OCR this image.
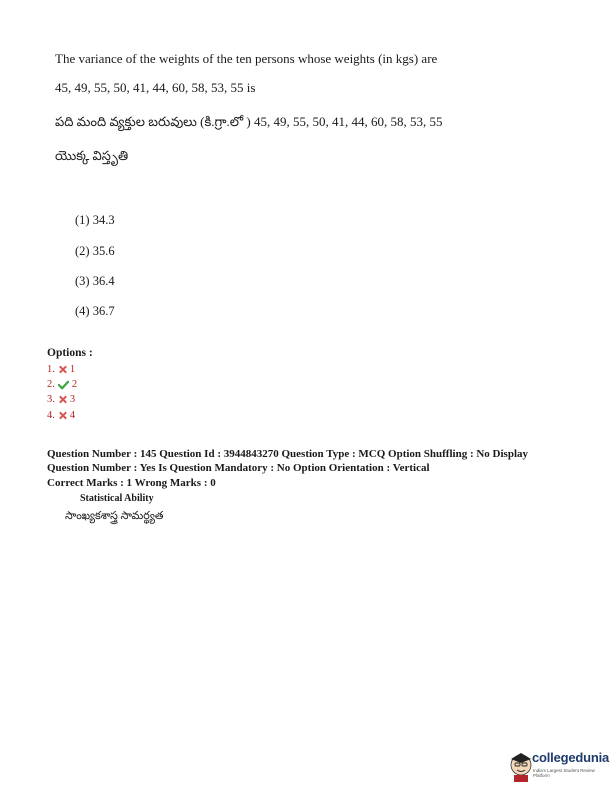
The variance of the weights of the ten persons whose weights (in kgs) are
45, 49, 55, 50, 41, 44, 60, 58, 53, 55 is
పది మంది వ్యక్తుల బరువులు (కి.గ్రా.లో ) 45, 49, 55, 50, 41, 44, 60, 58, 53, 55
యొక్క విస్తృతి
(1) 34.3
(2) 35.6
(3) 36.4
(4) 36.7
Options :
1. 1
2. 2
3. 3
4. 4
Question Number : 145 Question Id : 3944843270 Question Type : MCQ Option Shuffling : No Display
Question Number : Yes Is Question Mandatory : No Option Orientation : Vertical
Correct Marks : 1 Wrong Marks : 0
Statistical Ability
సాంఖ్యకశాస్త్ర సామర్థ్యత
collegedunia
India's Largest Student Review Platform
